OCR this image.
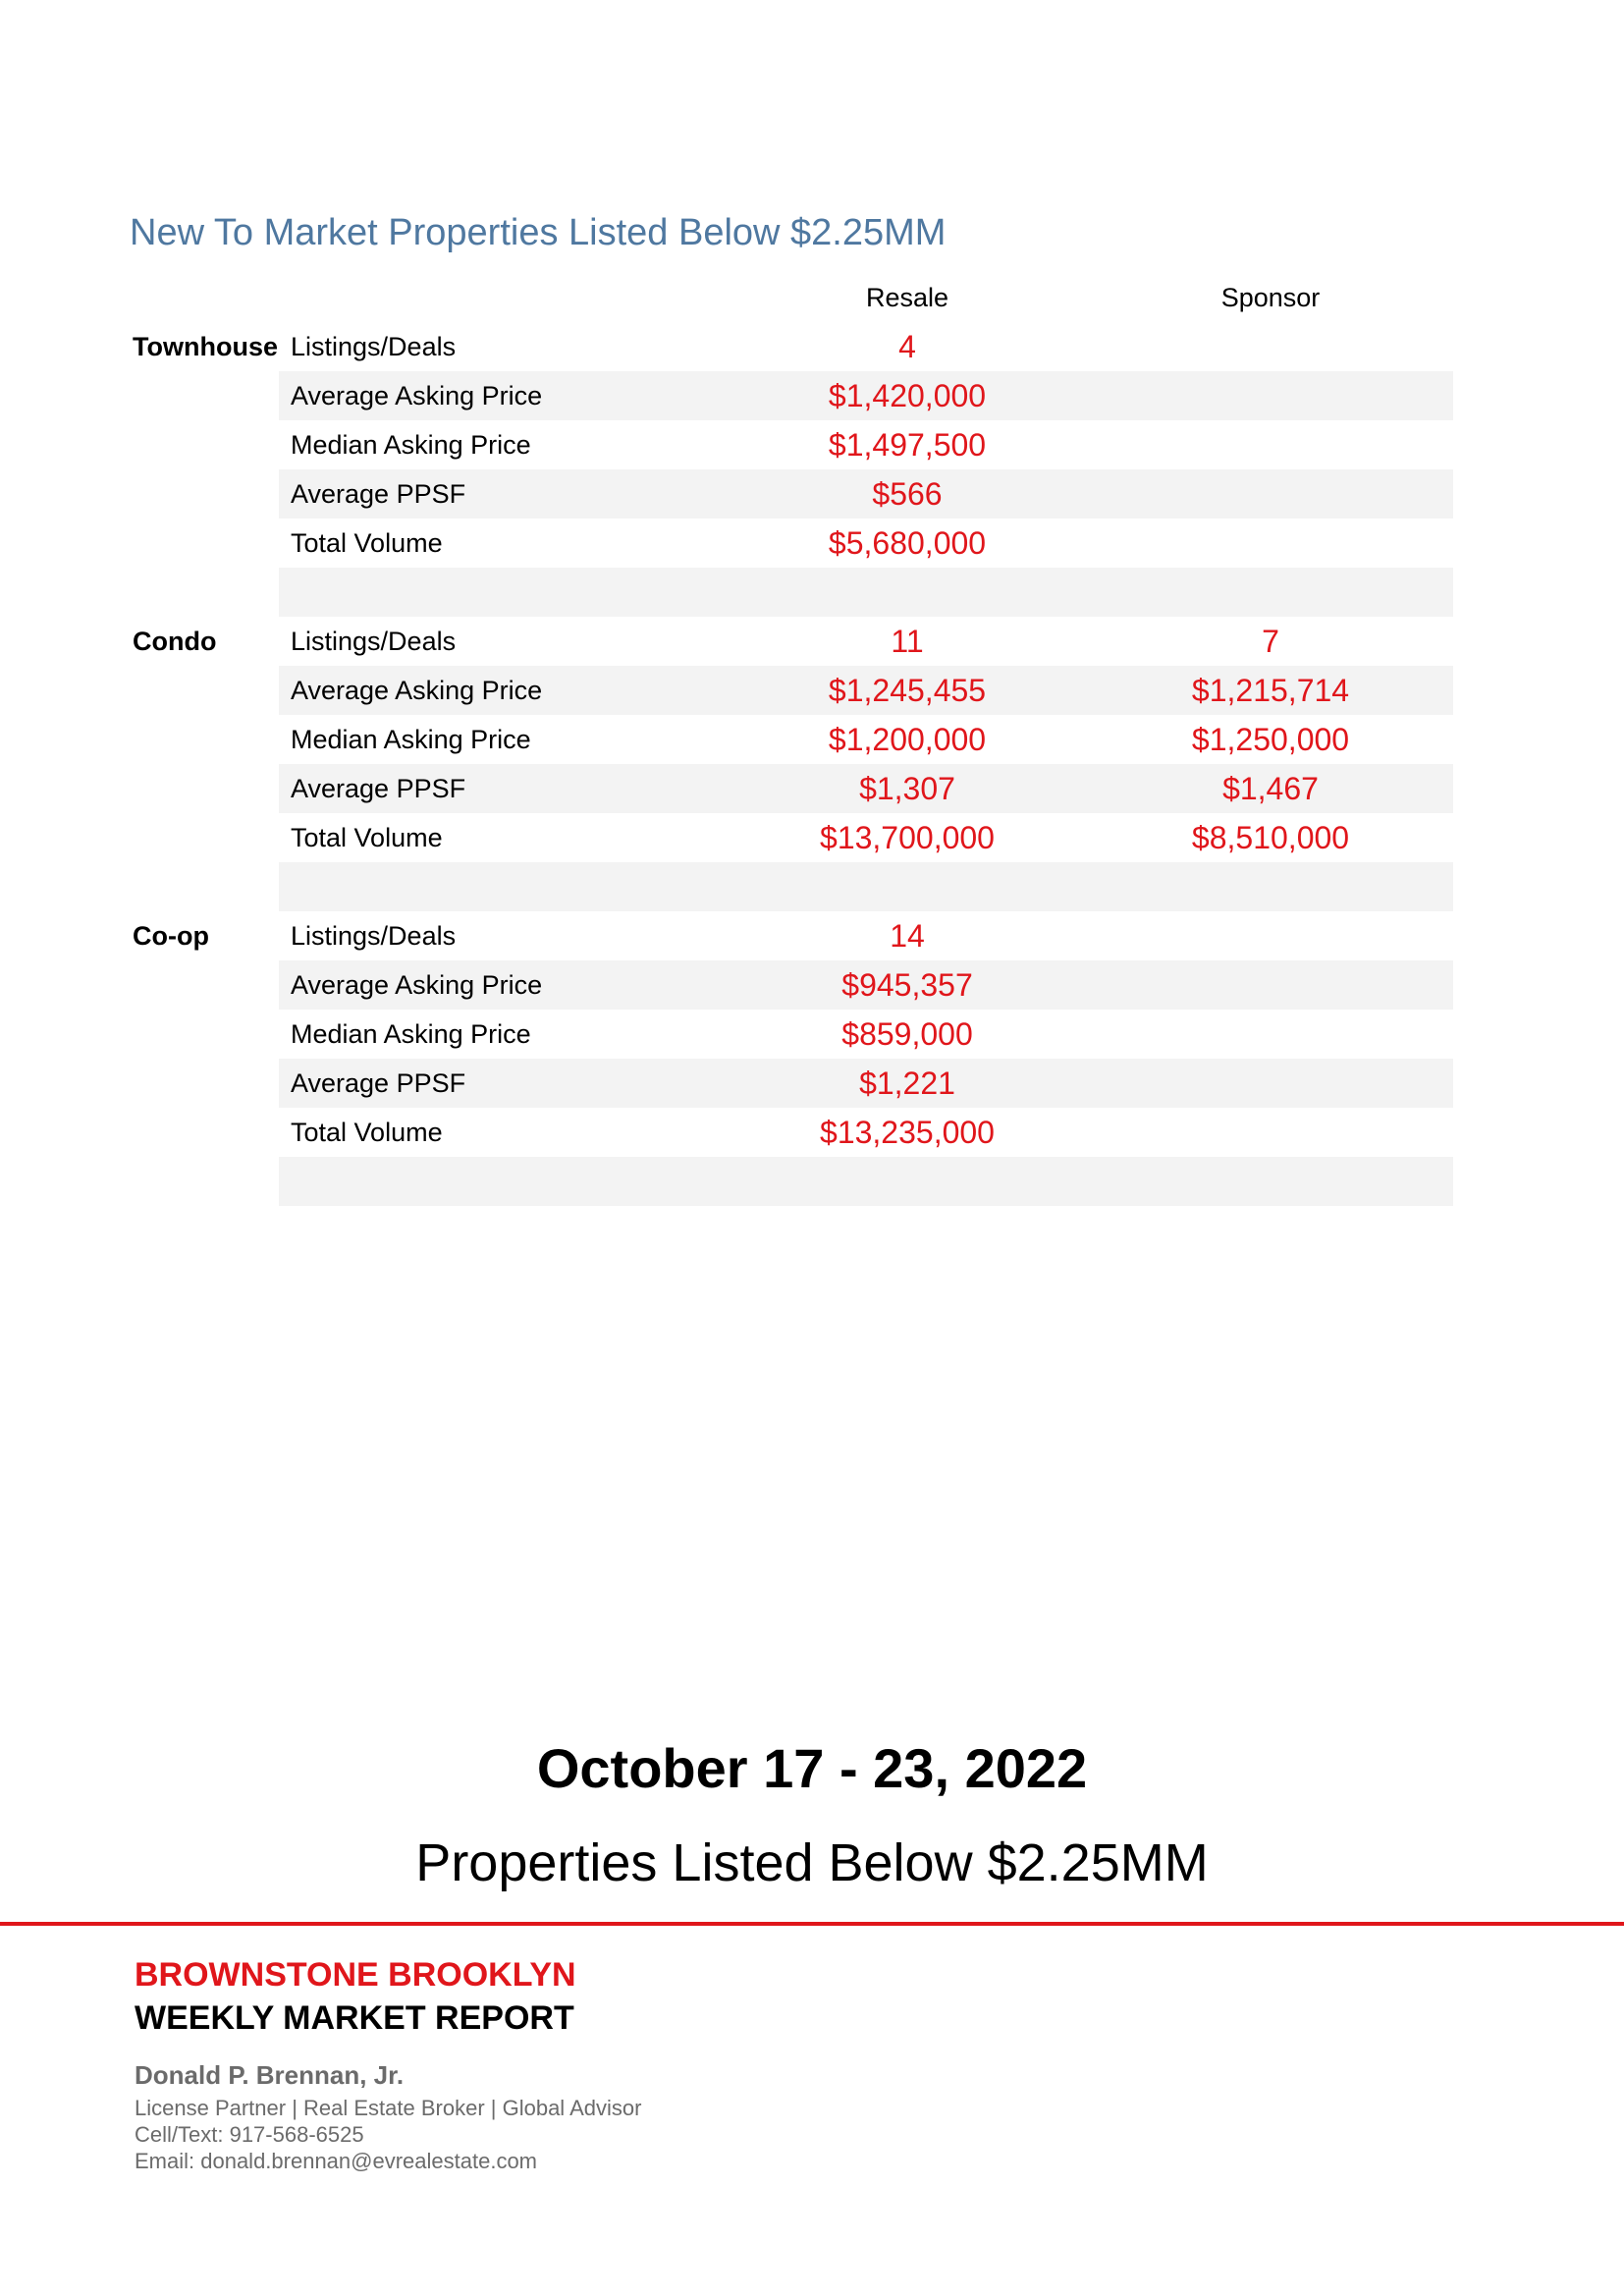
New To Market Properties Listed Below $2.25MM
Resale	Sponsor
Townhouse Listings/Deals	4
Average Asking Price	$1,420,000
Median Asking Price	$1,497,500
Average PPSF	$566
Total Volume	$5,680,000
Condo	Listings/Deals	11	7
Average Asking Price	$1,245,455	$1,215,714
Median Asking Price	$1,200,000	$1,250,000
Average PPSF	$1,307	$1,467
Total Volume	$13,700,000	$8,510,000
Co-op	Listings/Deals	14
Average Asking Price	$945,357
Median Asking Price	$859,000
Average PPSF	$1,221
Total Volume	$13,235,000
October 17 - 23, 2022
Properties Listed Below $2.25MM
BROWNSTONE BROOKLYN
WEEKLY MARKET REPORT
Donald P. Brennan, Jr.
License Partner | Real Estate Broker | Global Advisor
Cell/Text: 917-568-6525
Email: donald.brennan@evrealestate.com
